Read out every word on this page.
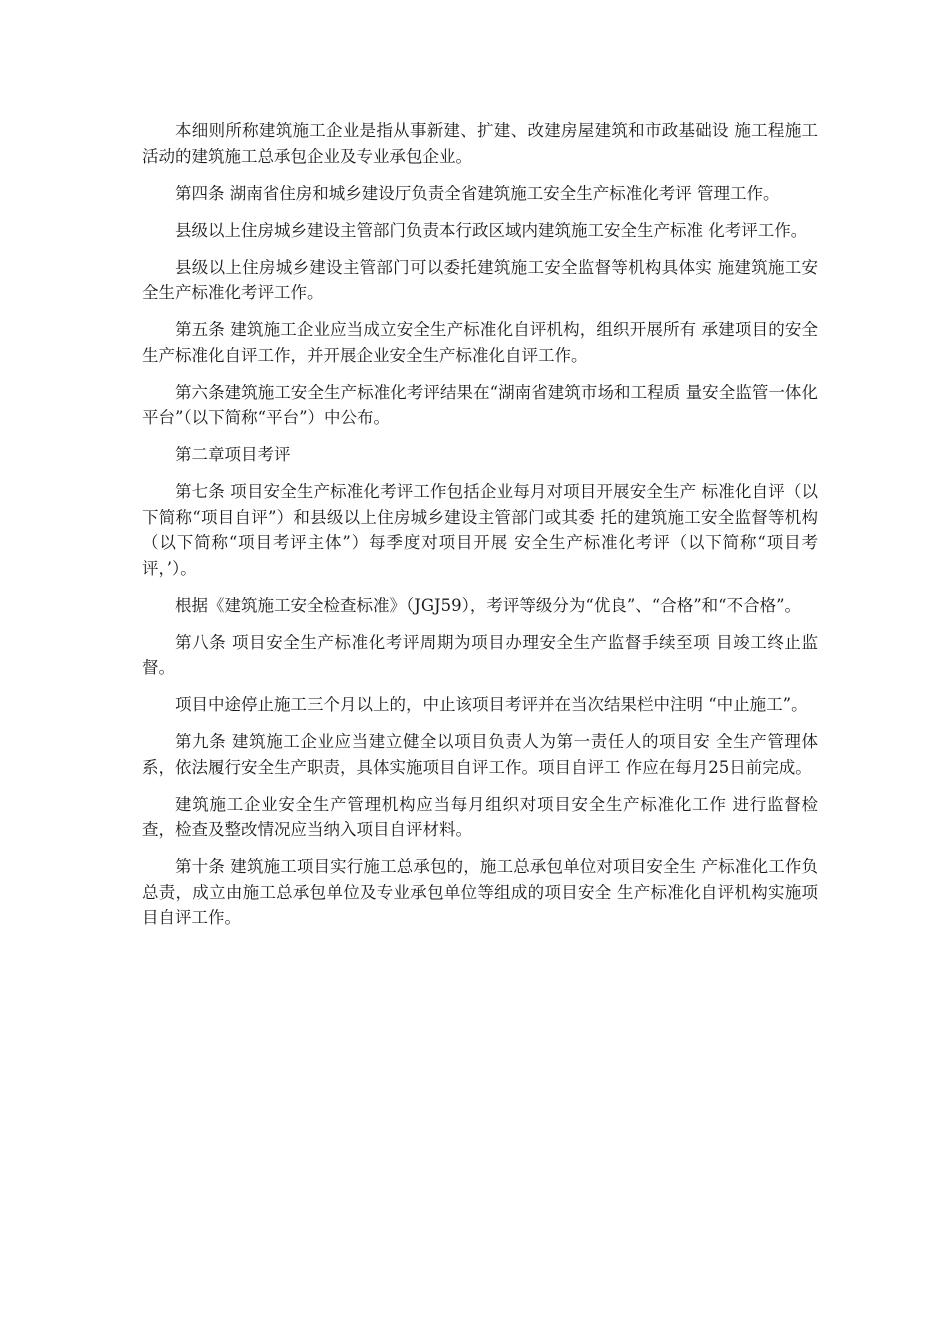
本细则所称建筑施工企业是指从事新建、扩建、改建房屋建筑和市政基础设 施工程施工活动的建筑施工总承包企业及专业承包企业。

第四条 湖南省住房和城乡建设厅负责全省建筑施工安全生产标准化考评 管理工作。

县级以上住房城乡建设主管部门负责本行政区域内建筑施工安全生产标准 化考评工作。

县级以上住房城乡建设主管部门可以委托建筑施工安全监督等机构具体实 施建筑施工安全生产标准化考评工作。

第五条 建筑施工企业应当成立安全生产标准化自评机构，组织开展所有 承建项目的安全生产标准化自评工作，并开展企业安全生产标准化自评工作。

第六条建筑施工安全生产标准化考评结果在“湖南省建筑市场和工程质 量安全监管一体化平台”（以下简称“平台”）中公布。

第二章项目考评

第七条 项目安全生产标准化考评工作包括企业每月对项目开展安全生产 标准化自评（以下简称“项目自评”）和县级以上住房城乡建设主管部门或其委 托的建筑施工安全监督等机构（以下简称“项目考评主体”）每季度对项目开展 安全生产标准化考评（以下简称“项目考评，’）。

根据《建筑施工安全检查标准》（JGJ59），考评等级分为“优良”、“合格”和“不合格”。

第八条 项目安全生产标准化考评周期为项目办理安全生产监督手续至项 目竣工终止监督。

项目中途停止施工三个月以上的，中止该项目考评并在当次结果栏中注明 “中止施工”。

第九条 建筑施工企业应当建立健全以项目负责人为第一责任人的项目安 全生产管理体系，依法履行安全生产职责，具体实施项目自评工作。项目自评工 作应在每月25日前完成。

建筑施工企业安全生产管理机构应当每月组织对项目安全生产标准化工作 进行监督检查，检查及整改情况应当纳入项目自评材料。

第十条 建筑施工项目实行施工总承包的，施工总承包单位对项目安全生 产标准化工作负总责，成立由施工总承包单位及专业承包单位等组成的项目安全 生产标准化自评机构实施项目自评工作。
